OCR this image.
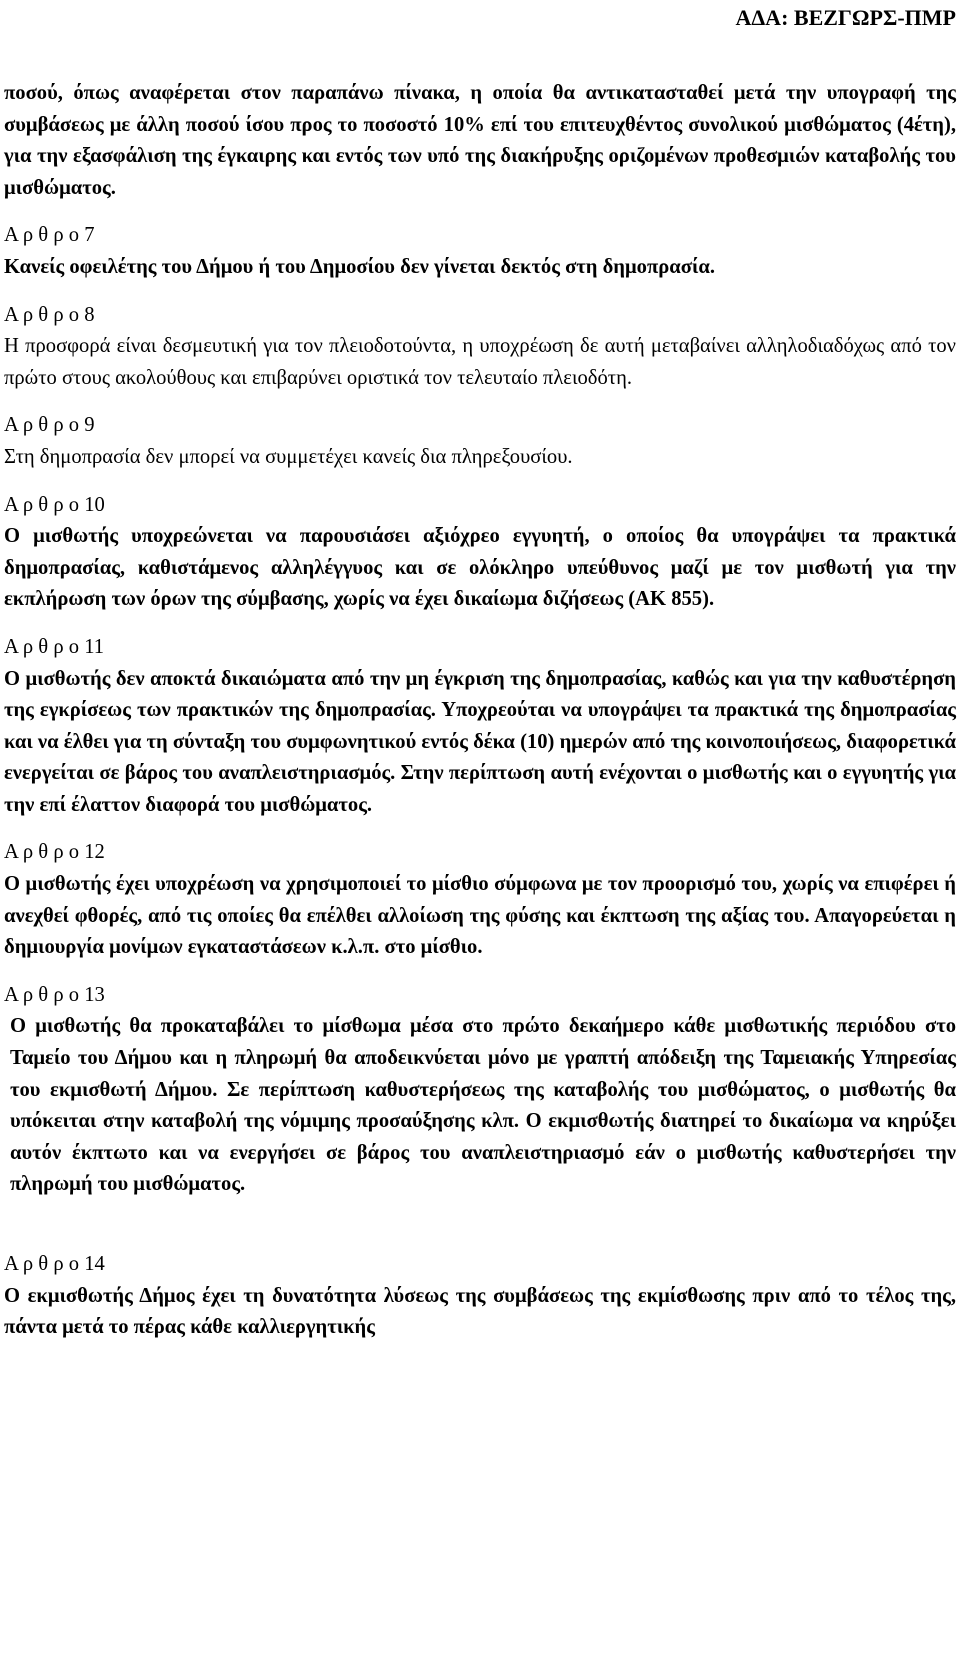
ΑΔΑ: ΒΕΖΓΩΡΣ-ΠΜΡ

ποσού, όπως αναφέρεται στον παραπάνω πίνακα, η οποία θα αντικατασταθεί μετά την υπογραφή της συμβάσεως με άλλη ποσού ίσου προς το ποσοστό 10% επί του επιτευχθέντος συνολικού μισθώματος (4έτη), για την εξασφάλιση της έγκαιρης και εντός των υπό της διακήρυξης οριζομένων προθεσμιών καταβολής του μισθώματος.

Α ρ θ ρ ο 7

Κανείς οφειλέτης του Δήμου ή του Δημοσίου δεν γίνεται δεκτός στη δημοπρασία.

Α ρ θ ρ ο 8

Η προσφορά είναι δεσμευτική για τον πλειοδοτούντα, η υποχρέωση δε αυτή μεταβαίνει αλληλοδιαδόχως από τον πρώτο στους ακολούθους και επιβαρύνει οριστικά τον τελευταίο πλειοδότη.

Α ρ θ ρ ο 9

Στη δημοπρασία δεν μπορεί να συμμετέχει κανείς δια πληρεξουσίου.

Α ρ θ ρ ο 10

Ο μισθωτής υποχρεώνεται να παρουσιάσει αξιόχρεο εγγυητή, ο οποίος θα υπογράψει τα πρακτικά δημοπρασίας, καθιστάμενος αλληλέγγυος και σε ολόκληρο υπεύθυνος μαζί με τον μισθωτή για την εκπλήρωση των όρων της σύμβασης, χωρίς να έχει δικαίωμα διζήσεως (ΑΚ 855).

Α ρ θ ρ ο 11

Ο μισθωτής δεν αποκτά δικαιώματα από την μη έγκριση της δημοπρασίας, καθώς και για την καθυστέρηση της εγκρίσεως των πρακτικών της δημοπρασίας. Υποχρεούται να υπογράψει τα πρακτικά της δημοπρασίας και να έλθει για τη σύνταξη του συμφωνητικού εντός δέκα (10) ημερών από της κοινοποιήσεως, διαφορετικά ενεργείται σε βάρος του αναπλειστηριασμός. Στην περίπτωση αυτή ενέχονται ο μισθωτής και ο εγγυητής για την επί έλαττον διαφορά του μισθώματος.

Α ρ θ ρ ο 12

Ο μισθωτής έχει υποχρέωση να χρησιμοποιεί το μίσθιο σύμφωνα με τον προορισμό του, χωρίς να επιφέρει ή ανεχθεί φθορές, από τις οποίες θα επέλθει αλλοίωση της φύσης και έκπτωση της αξίας του. Απαγορεύεται η δημιουργία μονίμων εγκαταστάσεων κ.λ.π. στο μίσθιο.

Α ρ θ ρ ο 13

Ο μισθωτής θα προκαταβάλει το μίσθωμα μέσα στο πρώτο δεκαήμερο κάθε μισθωτικής περιόδου στο Ταμείο του Δήμου και η πληρωμή θα αποδεικνύεται μόνο με γραπτή απόδειξη της Ταμειακής Υπηρεσίας του εκμισθωτή Δήμου. Σε περίπτωση καθυστερήσεως της καταβολής του μισθώματος, ο μισθωτής θα υπόκειται στην καταβολή της νόμιμης προσαύξησης κλπ. Ο εκμισθωτής διατηρεί το δικαίωμα να κηρύξει αυτόν έκπτωτο και να ενεργήσει σε βάρος του αναπλειστηριασμό εάν ο μισθωτής καθυστερήσει την πληρωμή του μισθώματος.

Α ρ θ ρ ο 14

Ο εκμισθωτής Δήμος έχει τη δυνατότητα λύσεως της συμβάσεως της εκμίσθωσης πριν από το τέλος της, πάντα μετά το πέρας κάθε καλλιεργητικής
